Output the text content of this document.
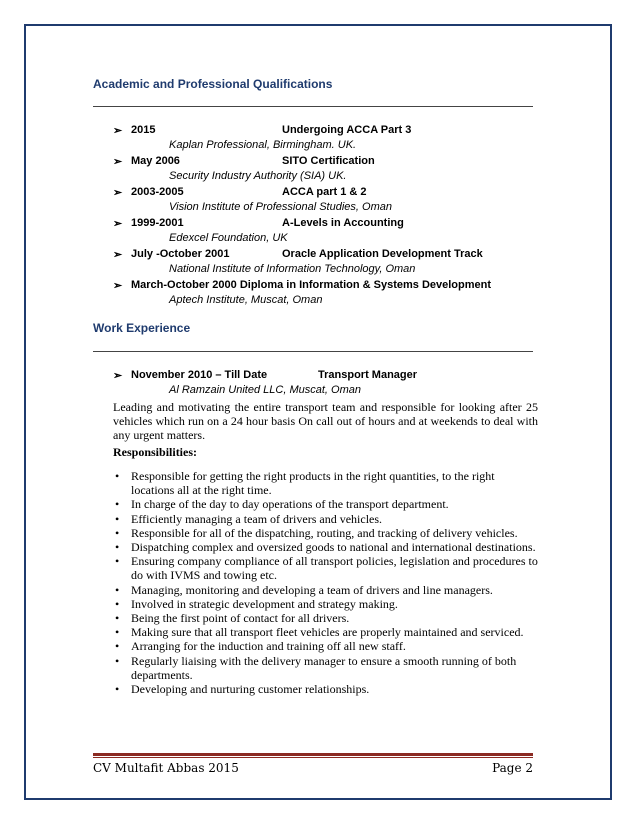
Academic and Professional Qualifications
➢ 2015	Undergoing ACCA Part 3
Kaplan Professional, Birmingham. UK.
➢ May 2006	SITO Certification
Security Industry Authority (SIA) UK.
➢ 2003-2005	ACCA part 1 & 2
Vision Institute of Professional Studies, Oman
➢ 1999-2001	A-Levels in Accounting
Edexcel Foundation, UK
➢ July -October 2001	Oracle Application Development Track
National Institute of Information Technology, Oman
➢ March-October 2000 Diploma in Information & Systems Development
Aptech Institute, Muscat, Oman
Work Experience
➢ November 2010 – Till Date	Transport Manager
Al Ramzain United LLC, Muscat, Oman
Leading and motivating the entire transport team and responsible for looking after 25 vehicles which run on a 24 hour basis On call out of hours and at weekends to deal with any urgent matters.
Responsibilities:
• Responsible for getting the right products in the right quantities, to the right locations all at the right time.
• In charge of the day to day operations of the transport department.
• Efficiently managing a team of drivers and vehicles.
• Responsible for all of the dispatching, routing, and tracking of delivery vehicles.
• Dispatching complex and oversized goods to national and international destinations.
• Ensuring company compliance of all transport policies, legislation and procedures to do with IVMS and towing etc.
• Managing, monitoring and developing a team of drivers and line managers.
• Involved in strategic development and strategy making.
• Being the first point of contact for all drivers.
• Making sure that all transport fleet vehicles are properly maintained and serviced.
• Arranging for the induction and training off all new staff.
• Regularly liaising with the delivery manager to ensure a smooth running of both departments.
• Developing and nurturing customer relationships.
CV Multafit Abbas 2015	Page 2
